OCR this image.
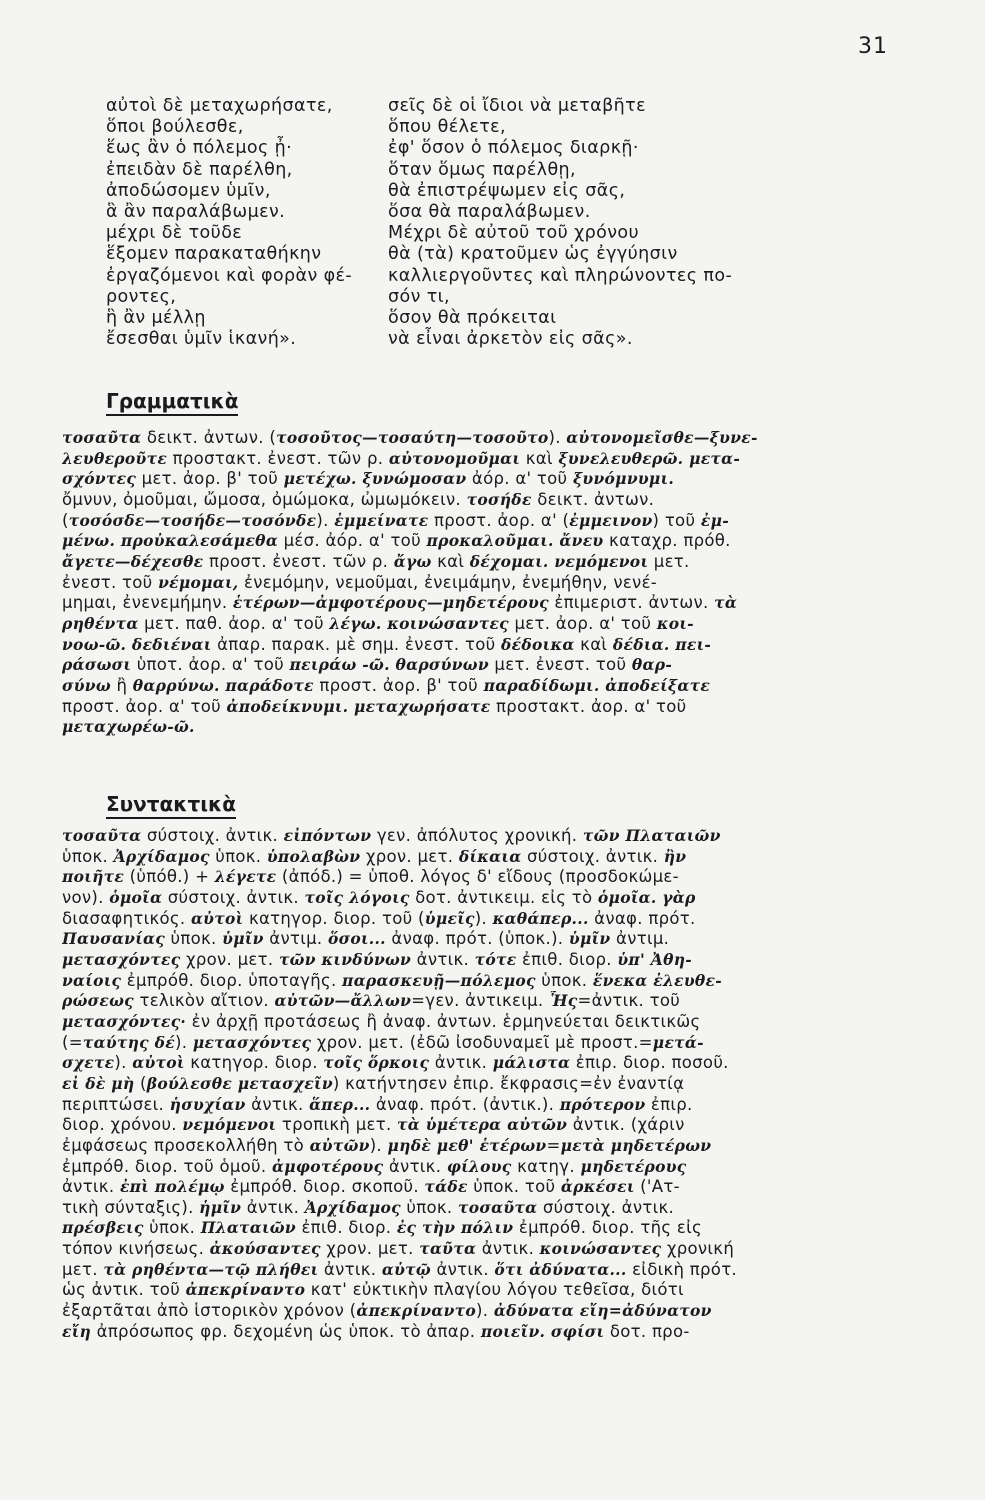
31
αὐτοὶ δὲ μεταχωρήσατε,
ὅποι βούλεσθε,
ἕως ἂν ὁ πόλεμος ᾖ·
ἐπειδὰν δὲ παρέλθη,
ἀποδώσομεν ὑμῖν,
ἃ ἂν παραλάβωμεν.
μέχρι δὲ τοῦδε
ἕξομεν παρακαταθήκην
ἐργαζόμενοι καὶ φορὰν φέ-
ροντες,
ἣ ἂν μέλλῃ
ἔσεσθαι ὑμῖν ἱκανή».
σεῖς δὲ οἱ ἴδιοι νὰ μεταβῆτε
ὅπου θέλετε,
ἐφ' ὅσον ὁ πόλεμος διαρκῇ·
ὅταν ὅμως παρέλθῃ,
θὰ ἐπιστρέψωμεν εἰς σᾶς,
ὅσα θὰ παραλάβωμεν.
Μέχρι δὲ αὐτοῦ τοῦ χρόνου
θὰ (τὰ) κρατοῦμεν ὡς ἐγγύησιν
καλλιεργοῦντες καὶ πληρώνοντες πο-
σόν τι,
ὅσον θὰ πρόκειται
νὰ εἶναι ἀρκετὸν εἰς σᾶς».
Γραμματικὰ
τοσαῦτα δεικτ. ἀντων. (τοσοῦτος—τοσαύτη—τοσοῦτο). αὐτονομεῖσθε—ξυνε-
λευθεροῦτε προστακτ. ἐνεστ. τῶν ρ. αὐτονομοῦμαι καὶ ξυνελευθερῶ. μετα-
σχόντες μετ. ἀορ. β' τοῦ μετέχω. ξυνώμοσαν ἀόρ. α' τοῦ ξυνόμνυμι.
ὄμνυν, ὀμοῦμαι, ὤμοσα, ὀμώμοκα, ὠμωμόκειν. τοσήδε δεικτ. ἀντων.
(τοσόσδε—τοσήδε—τοσόνδε). ἐμμείνατε προστ. ἀορ. α' (ἐμμεινον) τοῦ ἐμ-
μένω. προὐκαλεσάμεθα μέσ. ἀόρ. α' τοῦ προκαλοῦμαι. ἄνευ καταχρ. πρόθ.
ἄγετε—δέχεσθε προστ. ἐνεστ. τῶν ρ. ἄγω καὶ δέχομαι. νεμόμενοι μετ.
ἐνεστ. τοῦ νέμομαι, ἐνεμόμην, νεμοῦμαι, ἐνειμάμην, ἐνεμήθην, νενέ-
μημαι, ἐνενεμήμην. ἑτέρων—ἀμφοτέρους—μηδετέρους ἐπιμεριστ. ἀντων. τὰ
ρηθέντα μετ. παθ. ἀορ. α' τοῦ λέγω. κοινώσαντες μετ. ἀορ. α' τοῦ κοι-
νοω-ῶ. δεδιέναι ἀπαρ. παρακ. μὲ σημ. ἐνεστ. τοῦ δέδοικα καὶ δέδια. πει-
ράσωσι ὑποτ. ἀορ. α' τοῦ πειράω -ῶ. θαρσύνων μετ. ἐνεστ. τοῦ θαρ-
σύνω ἢ θαρρύνω. παράδοτε προστ. ἀορ. β' τοῦ παραδίδωμι. ἀποδείξατε
προστ. ἀορ. α' τοῦ ἀποδείκνυμι. μεταχωρήσατε προστακτ. ἀορ. α' τοῦ
μεταχωρέω-ῶ.
Συντακτικὰ
τοσαῦτα σύστοιχ. ἀντικ. εἰπόντων γεν. ἀπόλυτος χρονική. τῶν Πλαταιῶν
ὑποκ. Ἀρχίδαμος ὑποκ. ὑπολαβὼν χρον. μετ. δίκαια σύστοιχ. ἀντικ. ἢν
ποιῆτε (ὑπόθ.) + λέγετε (ἀπόδ.) = ὑποθ. λόγος δ' εἴδους (προσδοκώμε-
νον). ὁμοῖα σύστοιχ. ἀντικ. τοῖς λόγοις δοτ. ἀντικειμ. εἰς τὸ ὁμοῖα. γὰρ
διασαφητικός. αὐτοὶ κατηγορ. διορ. τοῦ (ὑμεῖς). καθάπερ... ἀναφ. πρότ.
Παυσανίας ὑποκ. ὑμῖν ἀντιμ. ὅσοι... ἀναφ. πρότ. (ὑποκ.). ὑμῖν ἀντιμ.
μετασχόντες χρον. μετ. τῶν κινδύνων ἀντικ. τότε ἐπιθ. διορ. ὑπ' Ἀθη-
ναίοις ἐμπρόθ. διορ. ὑποταγῆς. παρασκευῇ—πόλεμος ὑποκ. ἕνεκα ἐλευθε-
ρώσεως τελικὸν αἴτιον. αὐτῶν—ἄλλων=γεν. ἀντικειμ. Ἧς=ἀντικ. τοῦ
μετασχόντες· ἐν ἀρχῇ προτάσεως ἢ ἀναφ. ἀντων. ἑρμηνεύεται δεικτικῶς
(=ταύτης δέ). μετασχόντες χρον. μετ. (ἐδῶ ἰσοδυναμεῖ μὲ προστ.=μετά-
σχετε). αὐτοὶ κατηγορ. διορ. τοῖς ὅρκοις ἀντικ. μάλιστα ἐπιρ. διορ. ποσοῦ.
εἰ δὲ μὴ (βούλεσθε μετασχεῖν) κατήντησεν ἐπιρ. ἔκφρασις=ἐν ἐναντίᾳ
περιπτώσει. ἡσυχίαν ἀντικ. ἅπερ... ἀναφ. πρότ. (ἀντικ.). πρότερον ἐπιρ.
διορ. χρόνου. νεμόμενοι τροπικὴ μετ. τὰ ὑμέτερα αὐτῶν ἀντικ. (χάριν
ἐμφάσεως προσεκολλήθη τὸ αὐτῶν). μηδὲ μεθ' ἑτέρων=μετὰ μηδετέρων
ἐμπρόθ. διορ. τοῦ ὁμοῦ. ἀμφοτέρους ἀντικ. φίλους κατηγ. μηδετέρους
ἀντικ. ἐπὶ πολέμῳ ἐμπρόθ. διορ. σκοποῦ. τάδε ὑποκ. τοῦ ἀρκέσει ('Ατ-
τικὴ σύνταξις). ἡμῖν ἀντικ. Ἀρχίδαμος ὑποκ. τοσαῦτα σύστοιχ. ἀντικ.
πρέσβεις ὑποκ. Πλαταιῶν ἐπιθ. διορ. ἐς τὴν πόλιν ἐμπρόθ. διορ. τῆς εἰς
τόπον κινήσεως. ἀκούσαντες χρον. μετ. ταῦτα ἀντικ. κοινώσαντες χρονική
μετ. τὰ ρηθέντα—τῷ πλήθει ἀντικ. αὐτῷ ἀντικ. ὅτι ἀδύνατα... εἰδικὴ πρότ.
ὡς ἀντικ. τοῦ ἀπεκρίναντο κατ' εὐκτικὴν πλαγίου λόγου τεθεῖσα, διότι
ἐξαρτᾶται ἀπὸ ἱστορικὸν χρόνον (ἀπεκρίναντο). ἀδύνατα εἴη=ἀδύνατον
εἴη ἀπρόσωπος φρ. δεχομένη ὡς ὑποκ. τὸ ἀπαρ. ποιεῖν. σφίσι δοτ. προ-
